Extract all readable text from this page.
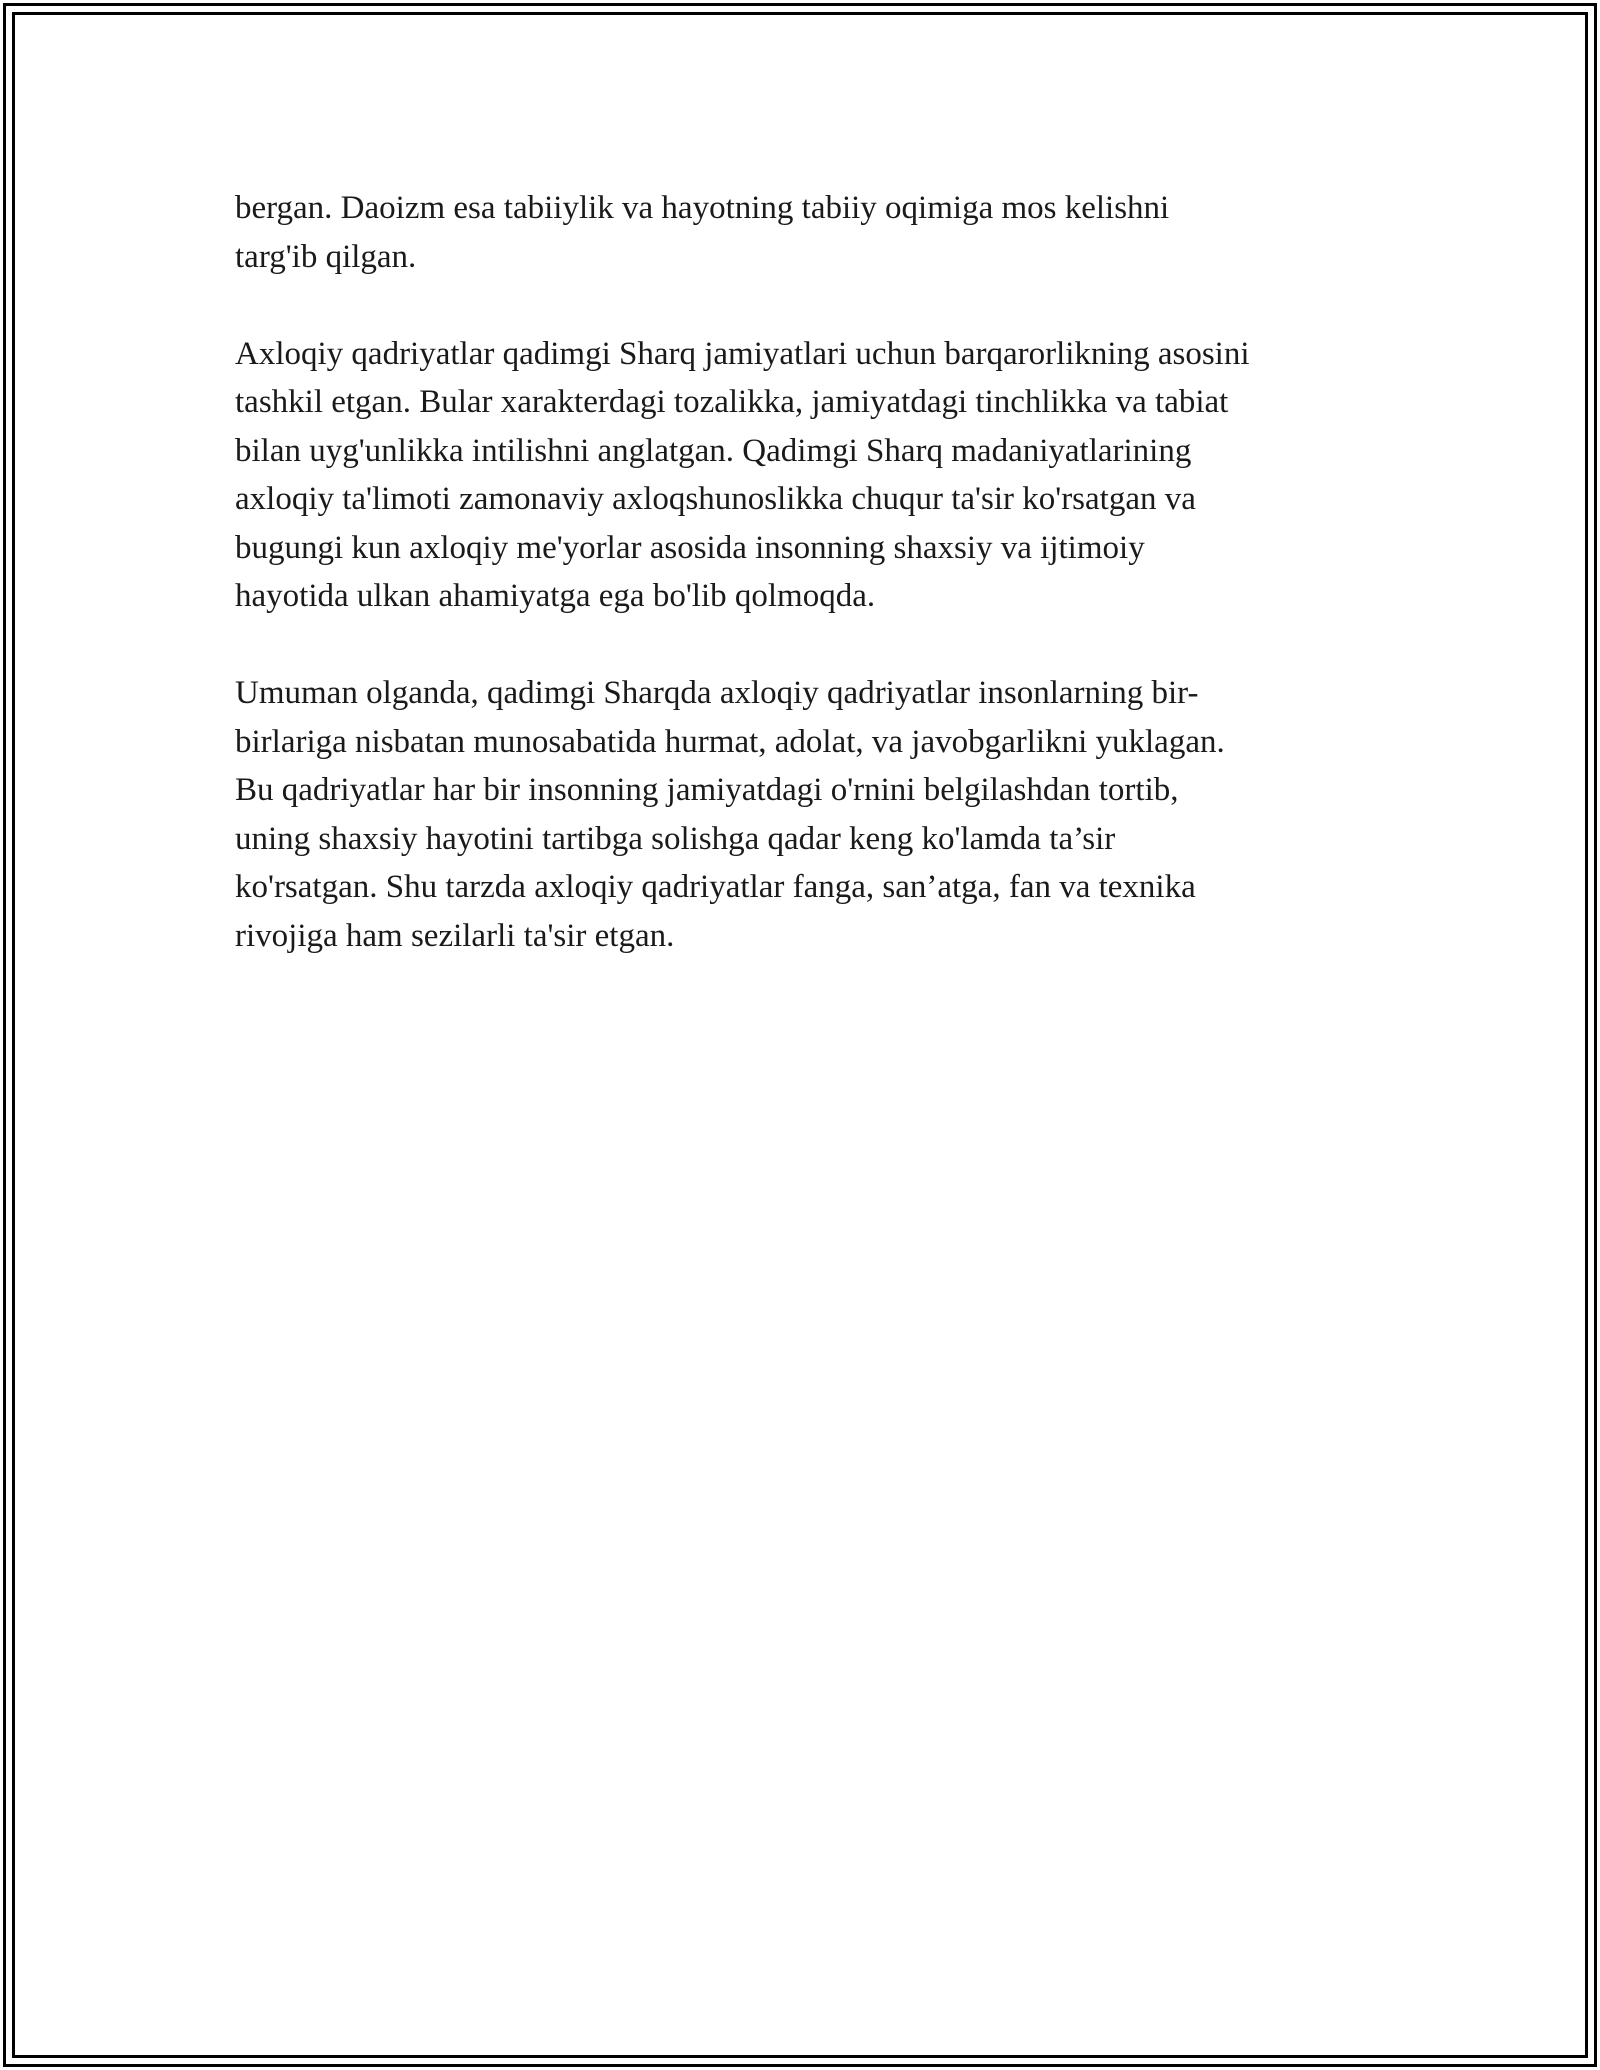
bergan. Daoizm esa tabiiylik va hayotning tabiiy oqimiga mos kelishni
targ'ib qilgan.

Axloqiy qadriyatlar qadimgi Sharq jamiyatlari uchun barqarorlikning asosini
tashkil etgan. Bular xarakterdagi tozalikka, jamiyatdagi tinchlikka va tabiat
bilan uyg'unlikka intilishni anglatgan. Qadimgi Sharq madaniyatlarining
axloqiy ta'limoti zamonaviy axloqshunoslikka chuqur ta'sir ko'rsatgan va
bugungi kun axloqiy me'yorlar asosida insonning shaxsiy va ijtimoiy
hayotida ulkan ahamiyatga ega bo'lib qolmoqda.

Umuman olganda, qadimgi Sharqda axloqiy qadriyatlar insonlarning bir-
birlariga nisbatan munosabatida hurmat, adolat, va javobgarlikni yuklagan.
Bu qadriyatlar har bir insonning jamiyatdagi o'rnini belgilashdan tortib,
uning shaxsiy hayotini tartibga solishga qadar keng ko'lamda ta’sir
ko'rsatgan. Shu tarzda axloqiy qadriyatlar fanga, san’atga, fan va texnika
rivojiga ham sezilarli ta'sir etgan.
